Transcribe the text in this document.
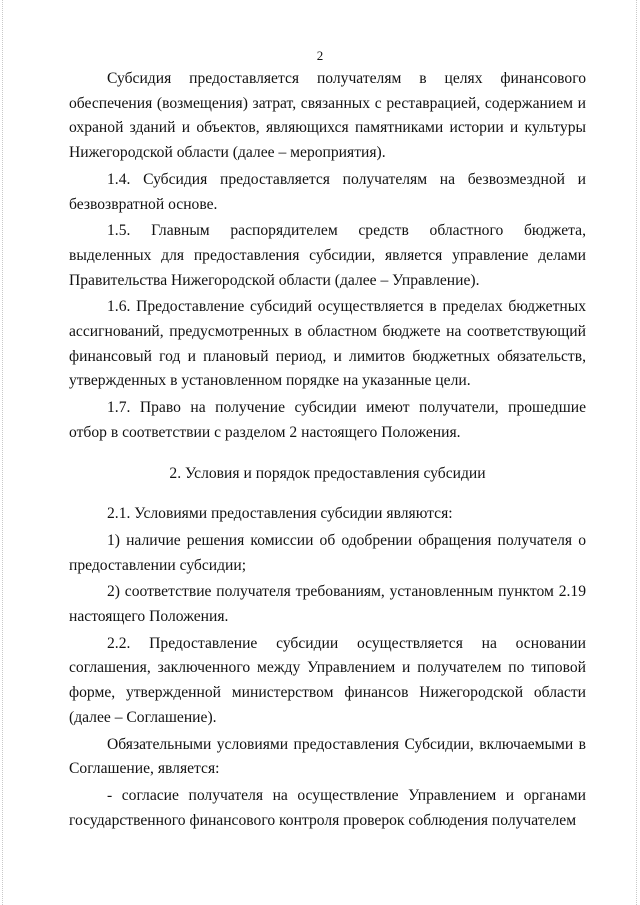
2

Субсидия предоставляется получателям в целях финансового обеспечения (возмещения) затрат, связанных с реставрацией, содержанием и охраной зданий и объектов, являющихся памятниками истории и культуры Нижегородской области (далее – мероприятия).

1.4. Субсидия предоставляется получателям на безвозмездной и безвозвратной основе.

1.5. Главным распорядителем средств областного бюджета, выделенных для предоставления субсидии, является управление делами Правительства Нижегородской области (далее – Управление).

1.6. Предоставление субсидий осуществляется в пределах бюджетных ассигнований, предусмотренных в областном бюджете на соответствующий финансовый год и плановый период, и лимитов бюджетных обязательств, утвержденных в установленном порядке на указанные цели.

1.7. Право на получение субсидии имеют получатели, прошедшие отбор в соответствии с разделом 2 настоящего Положения.

2. Условия и порядок предоставления субсидии

2.1. Условиями предоставления субсидии являются:

1) наличие решения комиссии об одобрении обращения получателя о предоставлении субсидии;

2) соответствие получателя требованиям, установленным пунктом 2.19 настоящего Положения.

2.2. Предоставление субсидии осуществляется на основании соглашения, заключенного между Управлением и получателем по типовой форме, утвержденной министерством финансов Нижегородской области (далее – Соглашение).

Обязательными условиями предоставления Субсидии, включаемыми в Соглашение, является:

- согласие получателя на осуществление Управлением и органами государственного финансового контроля проверок соблюдения получателем
